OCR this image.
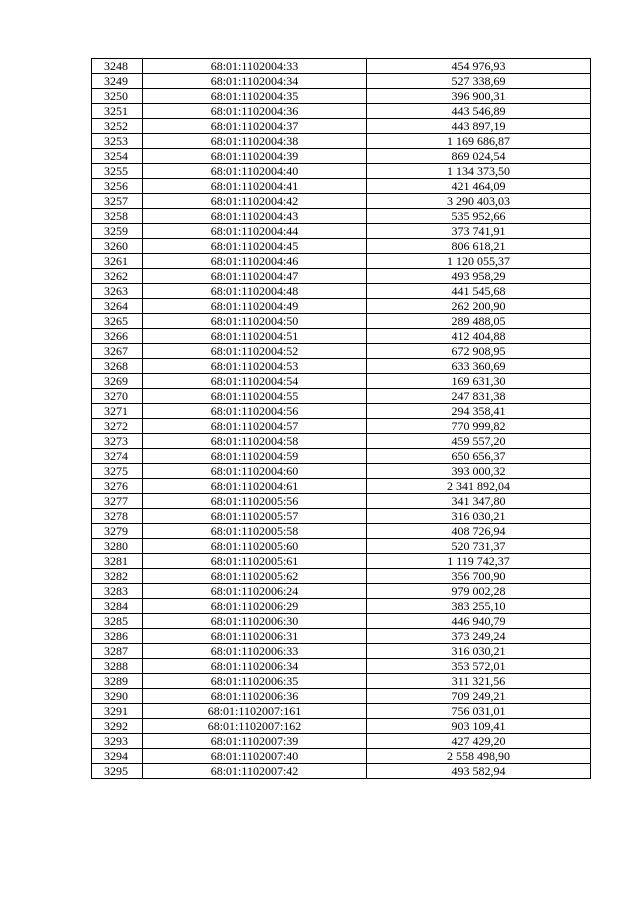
3248	68:01:1102004:33	454 976,93
3249	68:01:1102004:34	527 338,69
3250	68:01:1102004:35	396 900,31
3251	68:01:1102004:36	443 546,89
3252	68:01:1102004:37	443 897,19
3253	68:01:1102004:38	1 169 686,87
3254	68:01:1102004:39	869 024,54
3255	68:01:1102004:40	1 134 373,50
3256	68:01:1102004:41	421 464,09
3257	68:01:1102004:42	3 290 403,03
3258	68:01:1102004:43	535 952,66
3259	68:01:1102004:44	373 741,91
3260	68:01:1102004:45	806 618,21
3261	68:01:1102004:46	1 120 055,37
3262	68:01:1102004:47	493 958,29
3263	68:01:1102004:48	441 545,68
3264	68:01:1102004:49	262 200,90
3265	68:01:1102004:50	289 488,05
3266	68:01:1102004:51	412 404,88
3267	68:01:1102004:52	672 908,95
3268	68:01:1102004:53	633 360,69
3269	68:01:1102004:54	169 631,30
3270	68:01:1102004:55	247 831,38
3271	68:01:1102004:56	294 358,41
3272	68:01:1102004:57	770 999,82
3273	68:01:1102004:58	459 557,20
3274	68:01:1102004:59	650 656,37
3275	68:01:1102004:60	393 000,32
3276	68:01:1102004:61	2 341 892,04
3277	68:01:1102005:56	341 347,80
3278	68:01:1102005:57	316 030,21
3279	68:01:1102005:58	408 726,94
3280	68:01:1102005:60	520 731,37
3281	68:01:1102005:61	1 119 742,37
3282	68:01:1102005:62	356 700,90
3283	68:01:1102006:24	979 002,28
3284	68:01:1102006:29	383 255,10
3285	68:01:1102006:30	446 940,79
3286	68:01:1102006:31	373 249,24
3287	68:01:1102006:33	316 030,21
3288	68:01:1102006:34	353 572,01
3289	68:01:1102006:35	311 321,56
3290	68:01:1102006:36	709 249,21
3291	68:01:1102007:161	756 031,01
3292	68:01:1102007:162	903 109,41
3293	68:01:1102007:39	427 429,20
3294	68:01:1102007:40	2 558 498,90
3295	68:01:1102007:42	493 582,94
